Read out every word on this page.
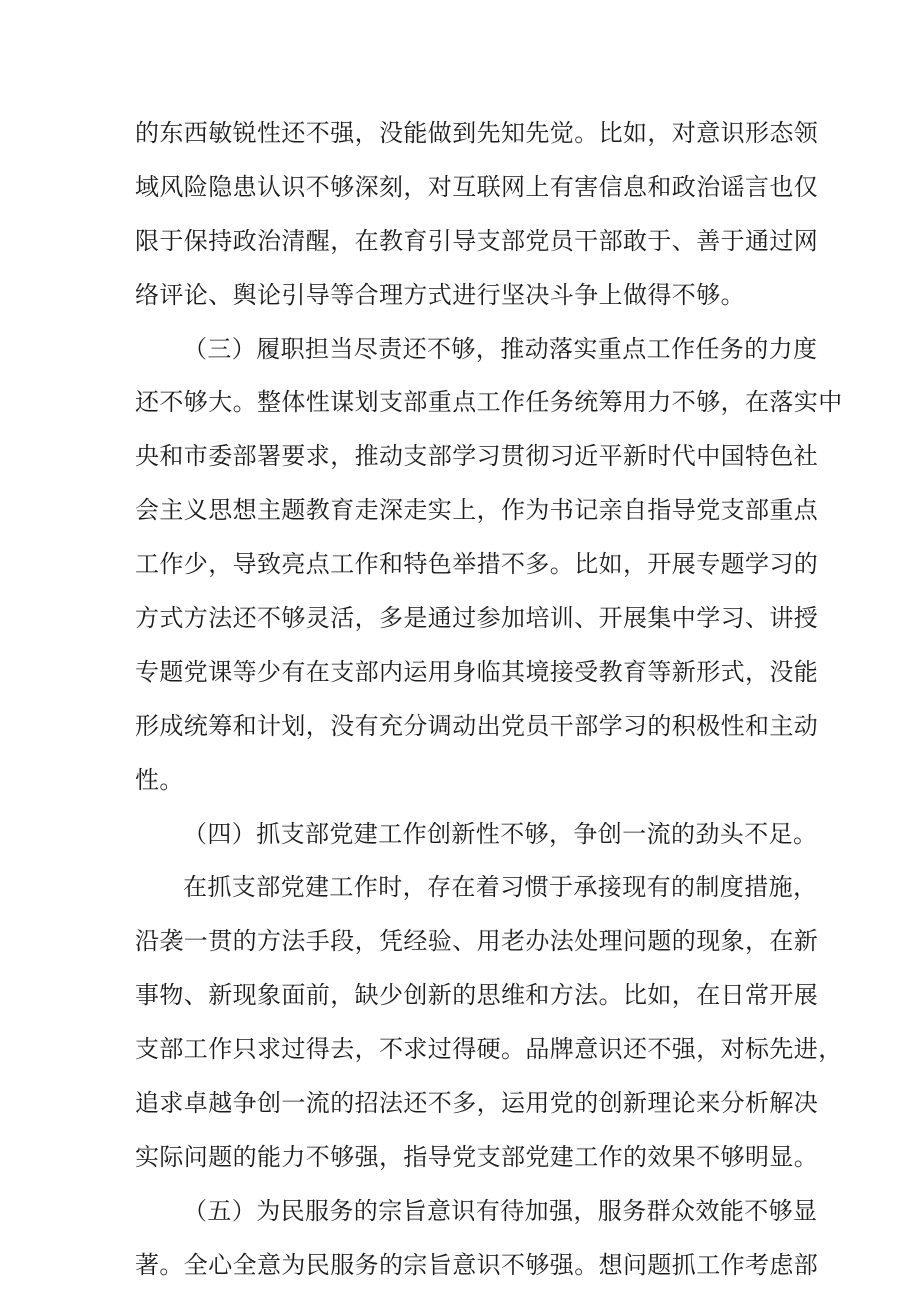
的东西敏锐性还不强，没能做到先知先觉。比如，对意识形态领
域风险隐患认识不够深刻，对互联网上有害信息和政治谣言也仅
限于保持政治清醒，在教育引导支部党员干部敢于、善于通过网
络评论、舆论引导等合理方式进行坚决斗争上做得不够。
（三）履职担当尽责还不够，推动落实重点工作任务的力度
还不够大。整体性谋划支部重点工作任务统筹用力不够，在落实中
央和市委部署要求，推动支部学习贯彻习近平新时代中国特色社
会主义思想主题教育走深走实上，作为书记亲自指导党支部重点
工作少，导致亮点工作和特色举措不多。比如，开展专题学习的
方式方法还不够灵活，多是通过参加培训、开展集中学习、讲授
专题党课等少有在支部内运用身临其境接受教育等新形式，没能
形成统筹和计划，没有充分调动出党员干部学习的积极性和主动
性。
（四）抓支部党建工作创新性不够，争创一流的劲头不足。
在抓支部党建工作时，存在着习惯于承接现有的制度措施，
沿袭一贯的方法手段，凭经验、用老办法处理问题的现象，在新
事物、新现象面前，缺少创新的思维和方法。比如，在日常开展
支部工作只求过得去，不求过得硬。品牌意识还不强，对标先进，
追求卓越争创一流的招法还不多，运用党的创新理论来分析解决
实际问题的能力不够强，指导党支部党建工作的效果不够明显。
（五）为民服务的宗旨意识有待加强，服务群众效能不够显
著。全心全意为民服务的宗旨意识不够强。想问题抓工作考虑部
